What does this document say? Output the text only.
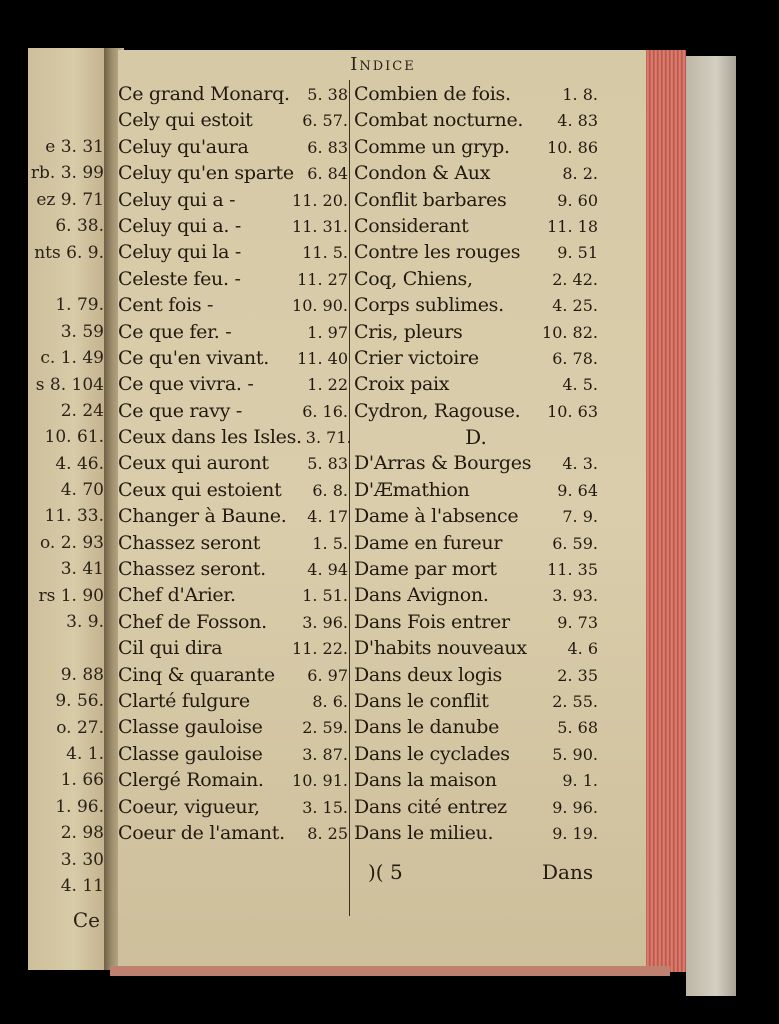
e 3. 31
rb. 3. 99
ez 9. 71
6. 38.
nts 6. 9.
1. 79.
3. 59
c. 1. 49
s 8. 104
2. 24
10. 61.
4. 46.
4. 70
11. 33.
o. 2. 93
3. 41
rs 1. 90
3. 9.
9. 88
9. 56.
o. 27.
4. 1.
1. 66
1. 96.
2. 98
3. 30
4. 11
Ce
Indice
Ce grand Monarq. 5. 38
Cely qui estoit	6. 57.
Celuy qu'aura	6. 83
Celuy qu'en sparte 6. 84
Celuy qui a -	11. 20.
Celuy qui a. -	11. 31.
Celuy qui la -	11. 5.
Celeste feu. -	11. 27
Cent fois -	10. 90.
Ce que fer. -	1. 97
Ce qu'en vivant. 11. 40
Ce que vivra. -	1. 22
Ce que ravy -	6. 16.
Ceux dans les Isles. 3. 71.
Ceux qui auront 5. 83
Ceux qui estoient 6. 8.
Changer à Baune. 4. 17
Chassez seront	1. 5.
Chassez seront.	4. 94
Chef d'Arier.	1. 51.
Chef de Fosson. 3. 96.
Cil qui dira	11. 22.
Cinq & quarante 6. 97
Clarté fulgure	8. 6.
Classe gauloise 2. 59.
Classe gauloise 3. 87.
Clergé Romain. 10. 91.
Coeur, vigueur,	3. 15.
Coeur de l'amant. 8. 25
Combien de fois.	1. 8.
Combat nocturne. 4. 83
Comme un gryp. 10. 86
Condon & Aux	8. 2.
Conflit barbares	9. 60
Considerant	11. 18
Contre les rouges 9. 51
Coq, Chiens,	2. 42.
Corps sublimes.	4. 25.
Cris, pleurs	10. 82.
Crier victoire	6. 78.
Croix paix	4. 5.
Cydron, Ragouse. 10. 63
D.
D'Arras & Bourges 4. 3.
D'Æmathion	9. 64
Dame à l'absence	7. 9.
Dame en fureur	6. 59.
Dame par mort	11. 35
Dans Avignon.	3. 93.
Dans Fois entrer	9. 73
D'habits nouveaux	4. 6
Dans deux logis	2. 35
Dans le conflit	2. 55.
Dans le danube	5. 68
Dans le cyclades	5. 90.
Dans la maison	9. 1.
Dans cité entrez	9. 96.
Dans le milieu.	9. 19.
)( 5	Dans
